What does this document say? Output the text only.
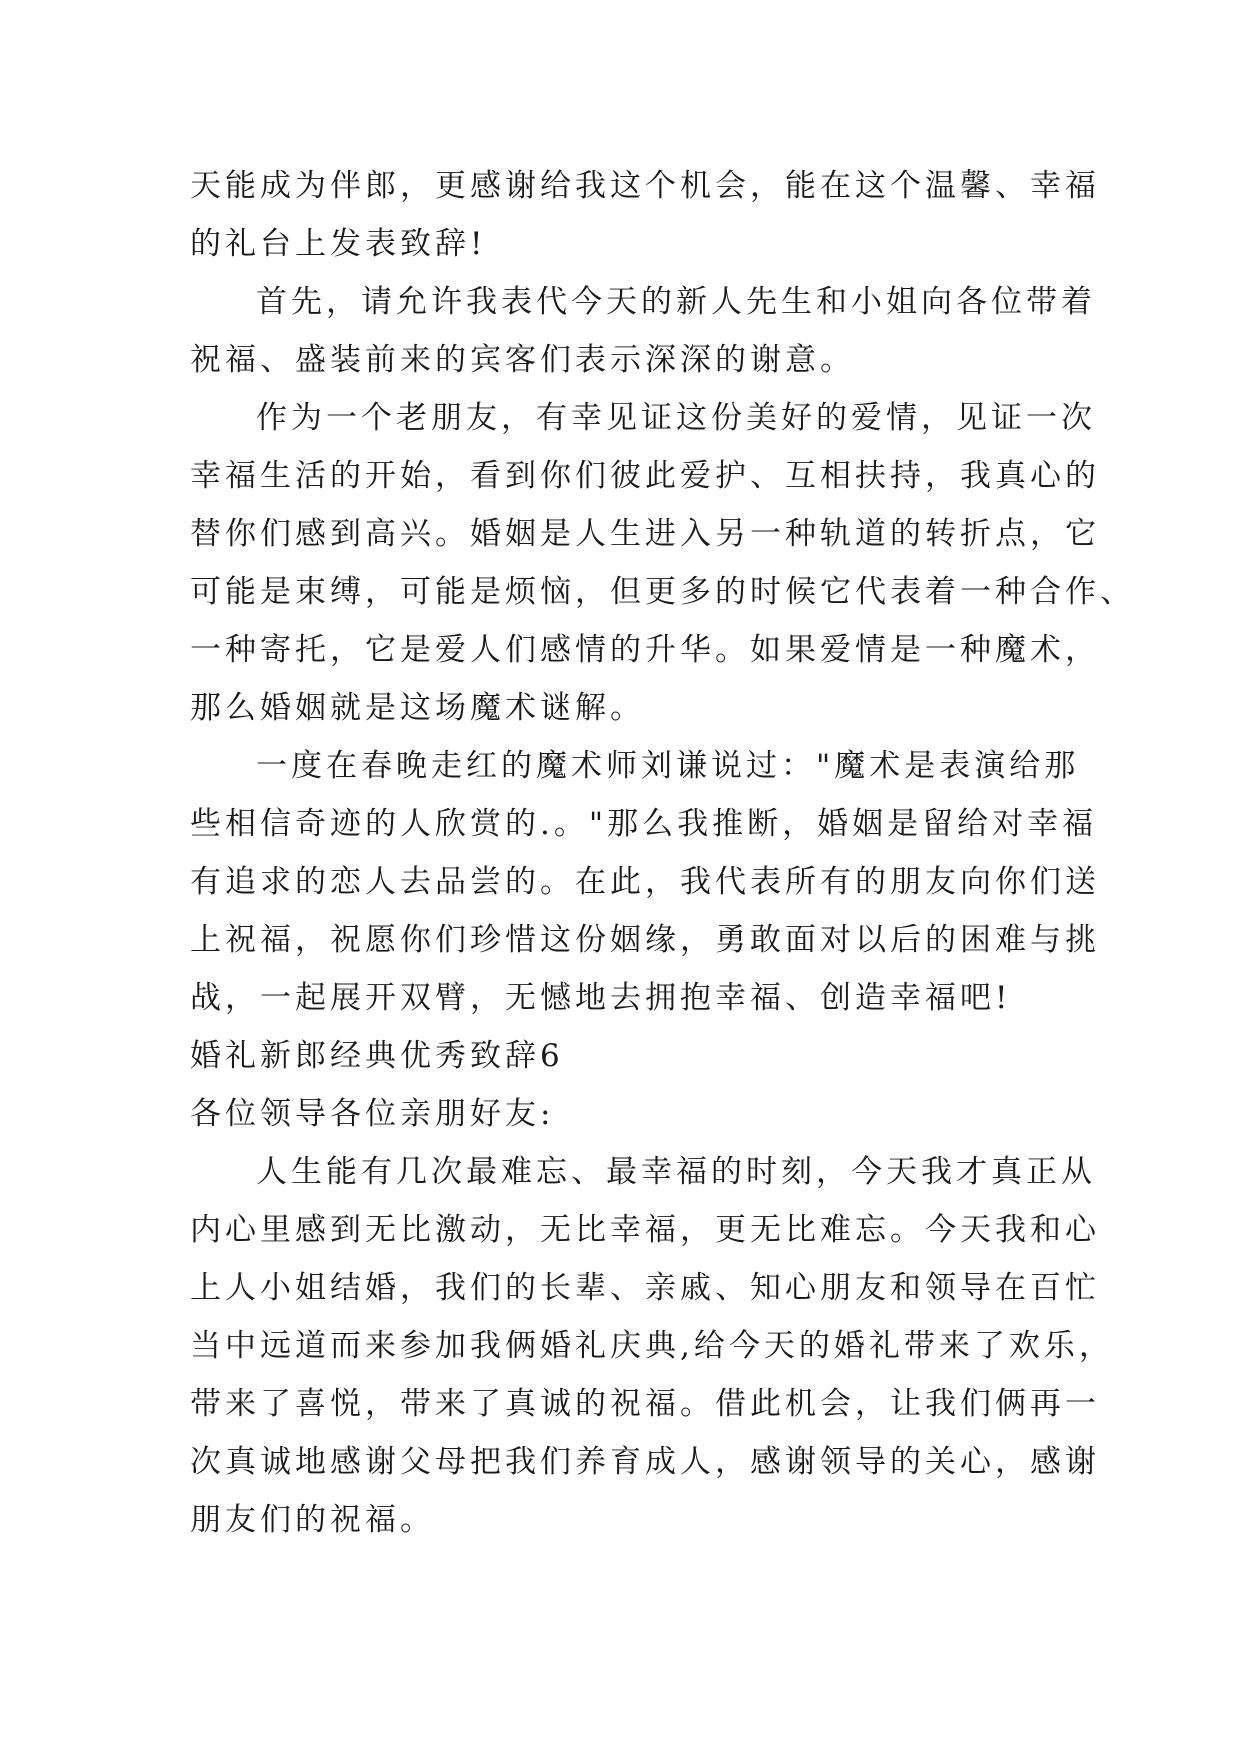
天能成为伴郎，更感谢给我这个机会，能在这个温馨、幸福
的礼台上发表致辞!
首先，请允许我表代今天的新人先生和小姐向各位带着
祝福、盛装前来的宾客们表示深深的谢意。
作为一个老朋友，有幸见证这份美好的爱情，见证一次
幸福生活的开始，看到你们彼此爱护、互相扶持，我真心的
替你们感到高兴。婚姻是人生进入另一种轨道的转折点，它
可能是束缚，可能是烦恼，但更多的时候它代表着一种合作、
一种寄托，它是爱人们感情的升华。如果爱情是一种魔术，
那么婚姻就是这场魔术谜解。
一度在春晚走红的魔术师刘谦说过："魔术是表演给那
些相信奇迹的人欣赏的.。"那么我推断，婚姻是留给对幸福
有追求的恋人去品尝的。在此，我代表所有的朋友向你们送
上祝福，祝愿你们珍惜这份姻缘，勇敢面对以后的困难与挑
战，一起展开双臂，无憾地去拥抱幸福、创造幸福吧!
婚礼新郎经典优秀致辞6
各位领导各位亲朋好友:
人生能有几次最难忘、最幸福的时刻，今天我才真正从
内心里感到无比激动，无比幸福，更无比难忘。今天我和心
上人小姐结婚，我们的长辈、亲戚、知心朋友和领导在百忙
当中远道而来参加我俩婚礼庆典,给今天的婚礼带来了欢乐，
带来了喜悦，带来了真诚的祝福。借此机会，让我们俩再一
次真诚地感谢父母把我们养育成人，感谢领导的关心，感谢
朋友们的祝福。
